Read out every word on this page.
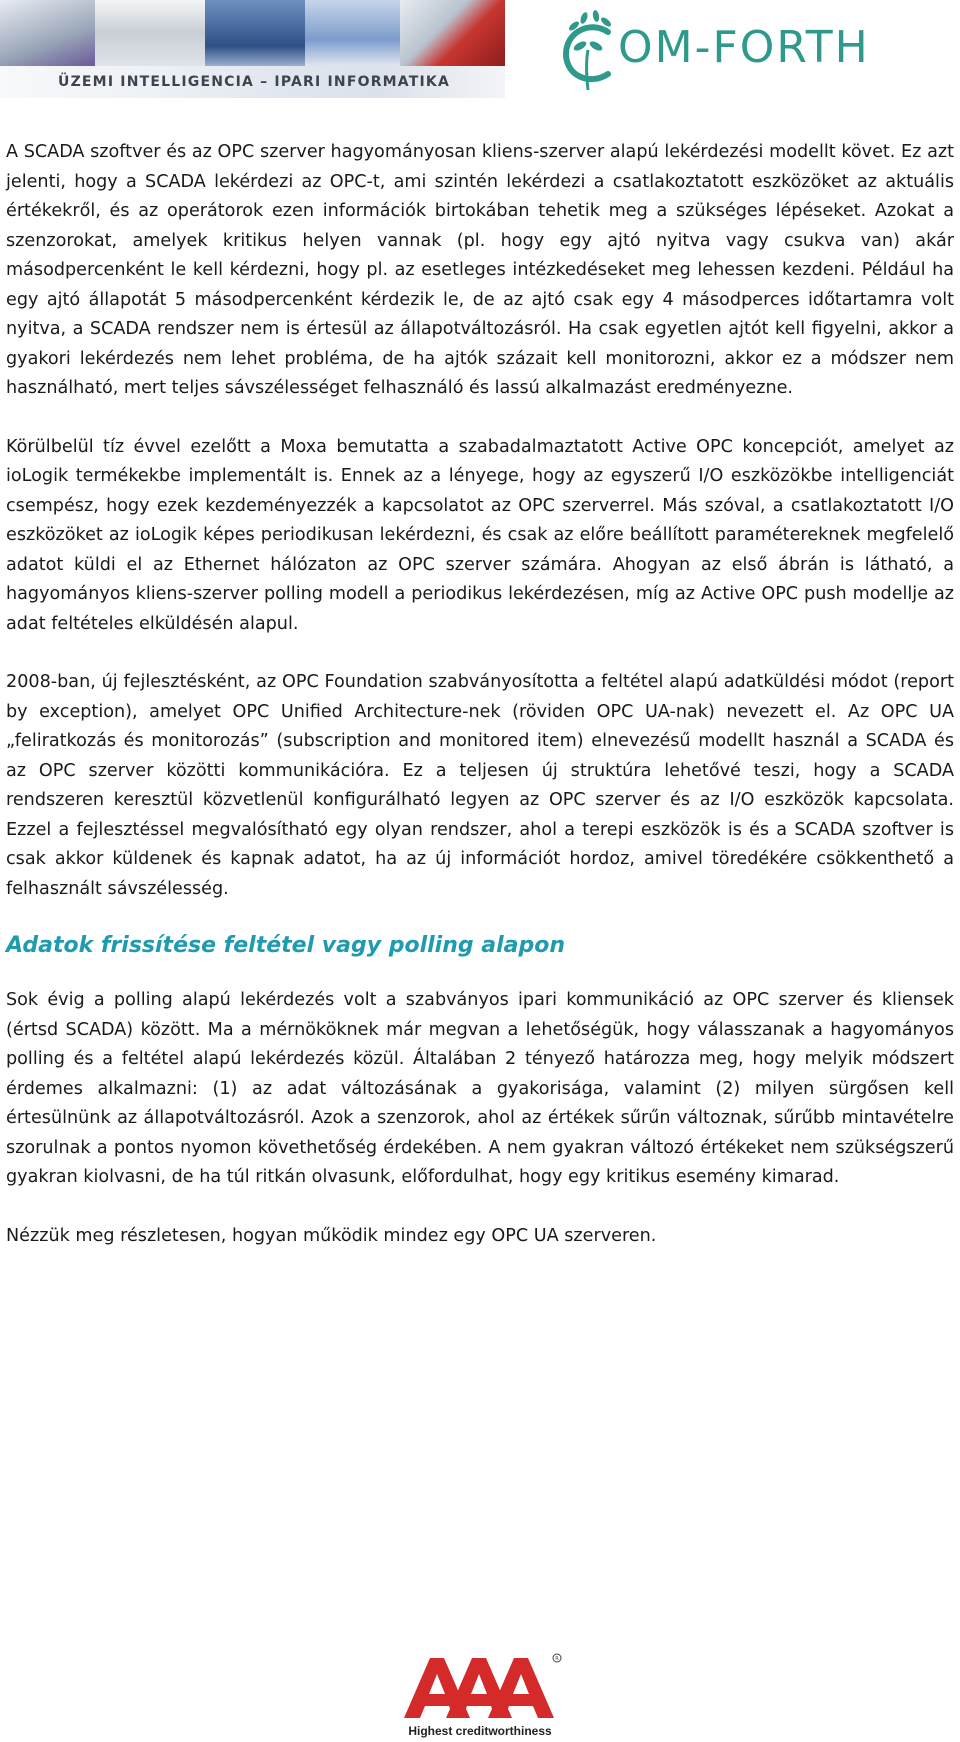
ÜZEMI INTELLIGENCIA – IPARI INFORMATIKA
OM-FORTH

A SCADA szoftver és az OPC szerver hagyományosan kliens-szerver alapú lekérdezési modellt követ. Ez azt jelenti, hogy a SCADA lekérdezi az OPC-t, ami szintén lekérdezi a csatlakoztatott eszközöket az aktuális értékekről, és az operátorok ezen információk birtokában tehetik meg a szükséges lépéseket. Azokat a szenzorokat, amelyek kritikus helyen vannak (pl. hogy egy ajtó nyitva vagy csukva van) akár másodpercenként le kell kérdezni, hogy pl. az esetleges intézkedéseket meg lehessen kezdeni. Például ha egy ajtó állapotát 5 másodpercenként kérdezik le, de az ajtó csak egy 4 másodperces időtartamra volt nyitva, a SCADA rendszer nem is értesül az állapotváltozásról. Ha csak egyetlen ajtót kell figyelni, akkor a gyakori lekérdezés nem lehet probléma, de ha ajtók százait kell monitorozni, akkor ez a módszer nem használható, mert teljes sávszélességet felhasználó és lassú alkalmazást eredményezne.

Körülbelül tíz évvel ezelőtt a Moxa bemutatta a szabadalmaztatott Active OPC koncepciót, amelyet az ioLogik termékekbe implementált is. Ennek az a lényege, hogy az egyszerű I/O eszközökbe intelligenciát csempész, hogy ezek kezdeményezzék a kapcsolatot az OPC szerverrel. Más szóval, a csatlakoztatott I/O eszközöket az ioLogik képes periodikusan lekérdezni, és csak az előre beállított paramétereknek megfelelő adatot küldi el az Ethernet hálózaton az OPC szerver számára. Ahogyan az első ábrán is látható, a hagyományos kliens-szerver polling modell a periodikus lekérdezésen, míg az Active OPC push modellje az adat feltételes elküldésén alapul.

2008-ban, új fejlesztésként, az OPC Foundation szabványosította a feltétel alapú adatküldési módot (report by exception), amelyet OPC Unified Architecture-nek (röviden OPC UA-nak) nevezett el. Az OPC UA „feliratkozás és monitorozás” (subscription and monitored item) elnevezésű modellt használ a SCADA és az OPC szerver közötti kommunikációra. Ez a teljesen új struktúra lehetővé teszi, hogy a SCADA rendszeren keresztül közvetlenül konfigurálható legyen az OPC szerver és az I/O eszközök kapcsolata. Ezzel a fejlesztéssel megvalósítható egy olyan rendszer, ahol a terepi eszközök is és a SCADA szoftver is csak akkor küldenek és kapnak adatot, ha az új információt hordoz, amivel töredékére csökkenthető a felhasznált sávszélesség.

Adatok frissítése feltétel vagy polling alapon

Sok évig a polling alapú lekérdezés volt a szabványos ipari kommunikáció az OPC szerver és kliensek (értsd SCADA) között. Ma a mérnököknek már megvan a lehetőségük, hogy válasszanak a hagyományos polling és a feltétel alapú lekérdezés közül. Általában 2 tényező határozza meg, hogy melyik módszert érdemes alkalmazni: (1) az adat változásának a gyakorisága, valamint (2) milyen sürgősen kell értesülnünk az állapotváltozásról. Azok a szenzorok, ahol az értékek sűrűn változnak, sűrűbb mintavételre szorulnak a pontos nyomon követhetőség érdekében. A nem gyakran változó értékeket nem szükségszerű gyakran kiolvasni, de ha túl ritkán olvasunk, előfordulhat, hogy egy kritikus esemény kimarad.

Nézzük meg részletesen, hogyan működik mindez egy OPC UA szerveren.

R
Highest creditworthiness
